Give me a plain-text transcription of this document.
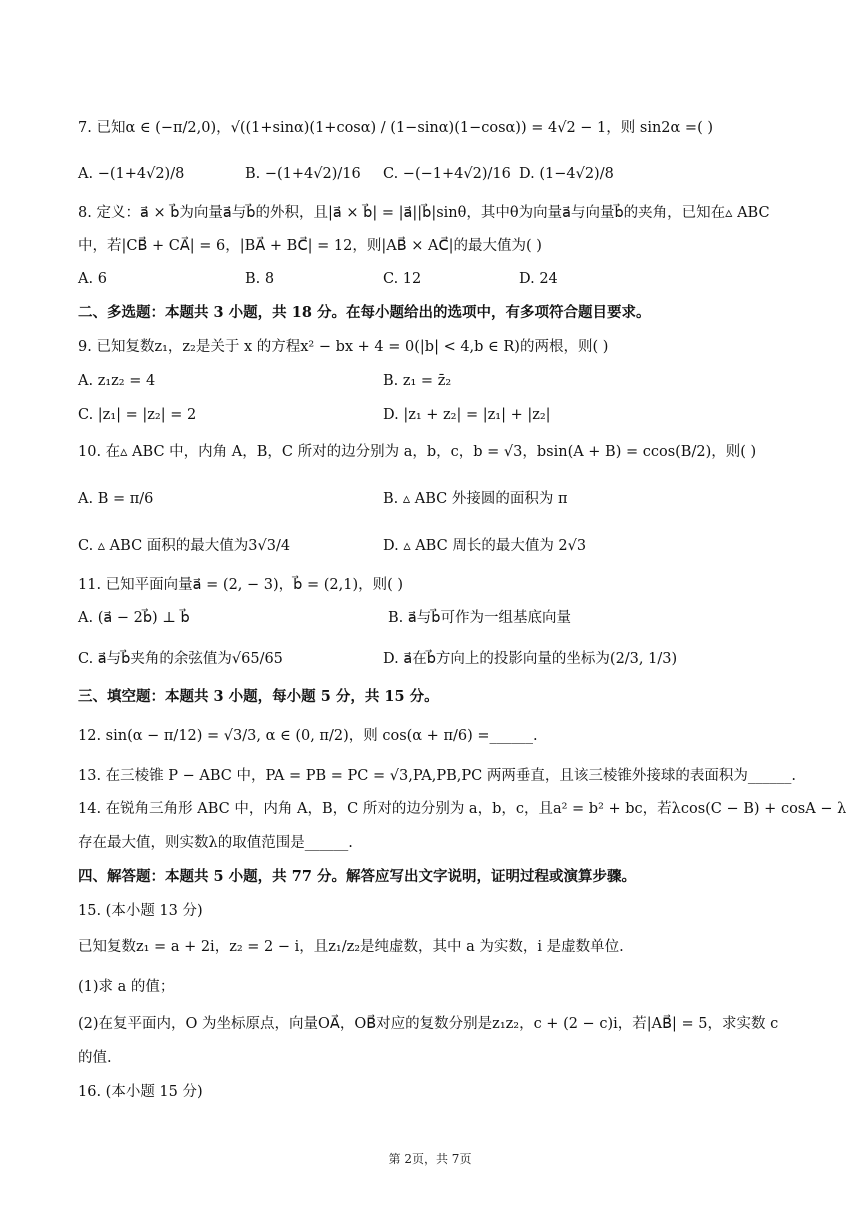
7. 已知α ∈ (−π/2,0)，√((1+sinα)(1+cosα) / (1−sinα)(1−cosα)) = 4√2 − 1，则 sin2α =( )
A. −(1+4√2)/8	B. −(1+4√2)/16 C. −(−1+4√2)/16 D. (1−4√2)/8
8. 定义：a⃗ × b⃗为向量a⃗与b⃗的外积，且|a⃗ × b⃗| = |a⃗||b⃗|sinθ，其中θ为向量a⃗与向量b⃗的夹角，已知在▵ ABC
中，若|CB⃗ + CA⃗| = 6，|BA⃗ + BC⃗| = 12，则|AB⃗ × AC⃗|的最大值为( )
A. 6	B. 8	C. 12	D. 24
二、多选题：本题共 3 小题，共 18 分。在每小题给出的选项中，有多项符合题目要求。
9. 已知复数z₁，z₂是关于 x 的方程x² − bx + 4 = 0(|b| < 4,b ∈ R)的两根，则( )
A. z₁z₂ = 4	B. z₁ = z̄₂
C. |z₁| = |z₂| = 2	D. |z₁ + z₂| = |z₁| + |z₂|
10. 在▵ ABC 中，内角 A，B，C 所对的边分别为 a，b，c，b = √3，bsin(A + B) = ccos(B/2)，则( )
A. B = π/6	B. ▵ ABC 外接圆的面积为 π
C. ▵ ABC 面积的最大值为3√3/4	D. ▵ ABC 周长的最大值为 2√3
11. 已知平面向量a⃗ = (2, − 3)，b⃗ = (2,1)，则( )
A. (a⃗ − 2b⃗) ⊥ b⃗	B. a⃗与b⃗可作为一组基底向量
C. a⃗与b⃗夹角的余弦值为√65/65	D. a⃗在b⃗方向上的投影向量的坐标为(2/3, 1/3)
三、填空题：本题共 3 小题，每小题 5 分，共 15 分。
12. sin(α − π/12) = √3/3, α ∈ (0, π/2)，则 cos(α + π/6) =______.
13. 在三棱锥 P − ABC 中，PA = PB = PC = √3,PA,PB,PC 两两垂直，且该三棱锥外接球的表面积为______.
14. 在锐角三角形 ABC 中，内角 A，B，C 所对的边分别为 a，b，c，且a² = b² + bc，若λcos(C − B) + cosA − λ
存在最大值，则实数λ的取值范围是______.
四、解答题：本题共 5 小题，共 77 分。解答应写出文字说明，证明过程或演算步骤。
15. (本小题 13 分)
已知复数z₁ = a + 2i，z₂ = 2 − i，且z₁/z₂是纯虚数，其中 a 为实数，i 是虚数单位.
(1)求 a 的值；
(2)在复平面内，O 为坐标原点，向量OA⃗，OB⃗对应的复数分别是z₁z₂，c + (2 − c)i，若|AB⃗| = 5，求实数 c
的值.
16. (本小题 15 分)
第 2页，共 7页
